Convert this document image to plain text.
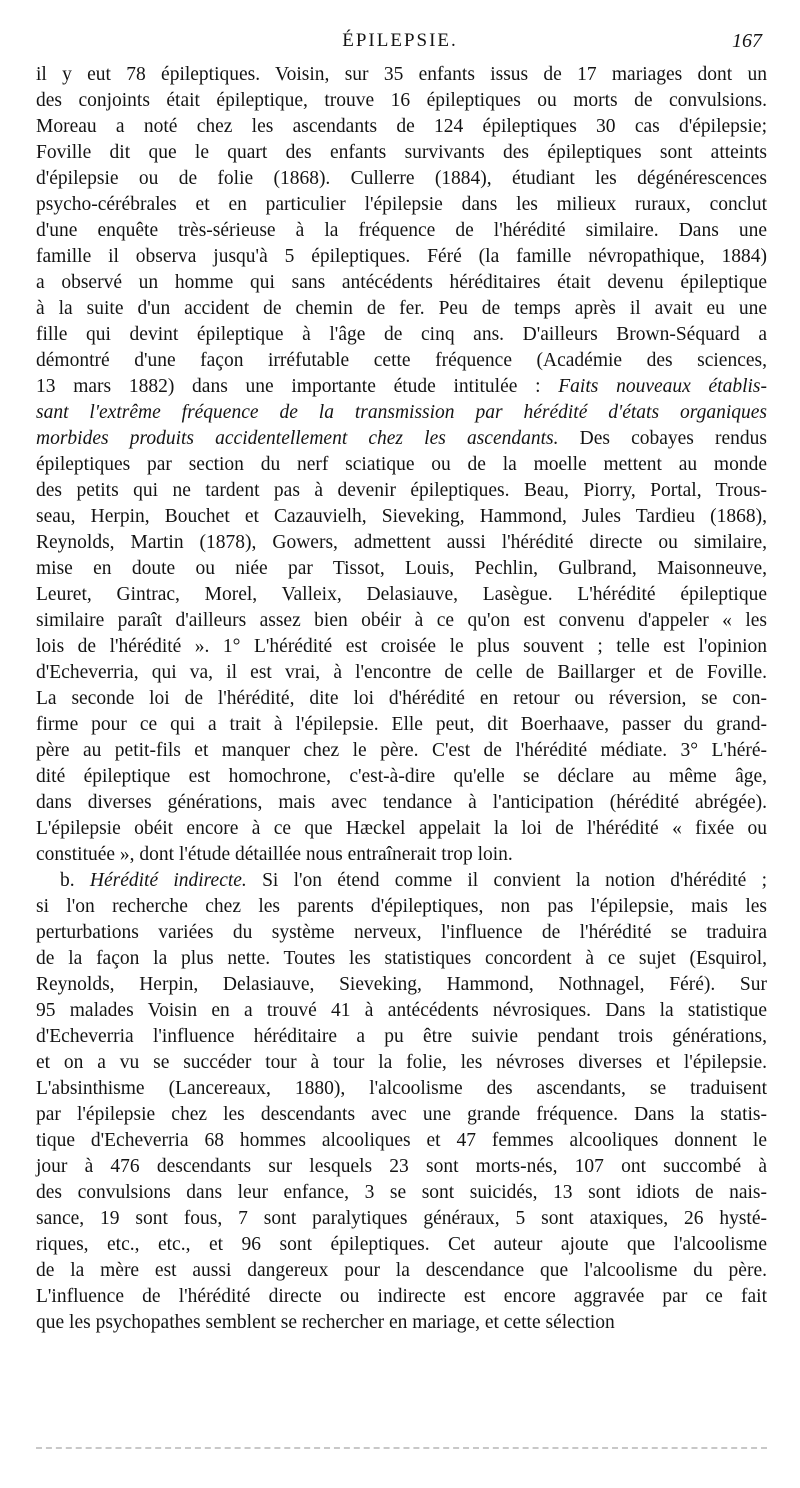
ÉPILEPSIE.	167
il y eut 78 épileptiques. Voisin, sur 35 enfants issus de 17 mariages dont un
des conjoints était épileptique, trouve 16 épileptiques ou morts de convulsions.
Moreau a noté chez les ascendants de 124 épileptiques 30 cas d'épilepsie;
Foville dit que le quart des enfants survivants des épileptiques sont atteints
d'épilepsie ou de folie (1868). Cullerre (1884), étudiant les dégénérescences
psycho-cérébrales et en particulier l'épilepsie dans les milieux ruraux, conclut
d'une enquête très-sérieuse à la fréquence de l'hérédité similaire. Dans une
famille il observa jusqu'à 5 épileptiques. Féré (la famille névropathique, 1884)
a observé un homme qui sans antécédents héréditaires était devenu épileptique
à la suite d'un accident de chemin de fer. Peu de temps après il avait eu une
fille qui devint épileptique à l'âge de cinq ans. D'ailleurs Brown-Séquard a
démontré d'une façon irréfutable cette fréquence (Académie des sciences,
13 mars 1882) dans une importante étude intitulée : Faits nouveaux établis-
sant l'extrême fréquence de la transmission par hérédité d'états organiques
morbides produits accidentellement chez les ascendants. Des cobayes rendus
épileptiques par section du nerf sciatique ou de la moelle mettent au monde
des petits qui ne tardent pas à devenir épileptiques. Beau, Piorry, Portal, Trous-
seau, Herpin, Bouchet et Cazauvielh, Sieveking, Hammond, Jules Tardieu (1868),
Reynolds, Martin (1878), Gowers, admettent aussi l'hérédité directe ou similaire,
mise en doute ou niée par Tissot, Louis, Pechlin, Gulbrand, Maisonneuve,
Leuret, Gintrac, Morel, Valleix, Delasiauve, Lasègue. L'hérédité épileptique
similaire paraît d'ailleurs assez bien obéir à ce qu'on est convenu d'appeler « les
lois de l'hérédité ». 1° L'hérédité est croisée le plus souvent ; telle est l'opinion
d'Echeverria, qui va, il est vrai, à l'encontre de celle de Baillarger et de Foville.
La seconde loi de l'hérédité, dite loi d'hérédité en retour ou réversion, se con-
firme pour ce qui a trait à l'épilepsie. Elle peut, dit Boerhaave, passer du grand-
père au petit-fils et manquer chez le père. C'est de l'hérédité médiate. 3° L'héré-
dité épileptique est homochrone, c'est-à-dire qu'elle se déclare au même âge,
dans diverses générations, mais avec tendance à l'anticipation (hérédité abrégée).
L'épilepsie obéit encore à ce que Hæckel appelait la loi de l'hérédité « fixée ou
constituée », dont l'étude détaillée nous entraînerait trop loin.
b. Hérédité indirecte. Si l'on étend comme il convient la notion d'hérédité ;
si l'on recherche chez les parents d'épileptiques, non pas l'épilepsie, mais les
perturbations variées du système nerveux, l'influence de l'hérédité se traduira
de la façon la plus nette. Toutes les statistiques concordent à ce sujet (Esquirol,
Reynolds, Herpin, Delasiauve, Sieveking, Hammond, Nothnagel, Féré). Sur
95 malades Voisin en a trouvé 41 à antécédents névrosiques. Dans la statistique
d'Echeverria l'influence héréditaire a pu être suivie pendant trois générations,
et on a vu se succéder tour à tour la folie, les névroses diverses et l'épilepsie.
L'absinthisme (Lancereaux, 1880), l'alcoolisme des ascendants, se traduisent
par l'épilepsie chez les descendants avec une grande fréquence. Dans la statis-
tique d'Echeverria 68 hommes alcooliques et 47 femmes alcooliques donnent le
jour à 476 descendants sur lesquels 23 sont morts-nés, 107 ont succombé à
des convulsions dans leur enfance, 3 se sont suicidés, 13 sont idiots de nais-
sance, 19 sont fous, 7 sont paralytiques généraux, 5 sont ataxiques, 26 hysté-
riques, etc., etc., et 96 sont épileptiques. Cet auteur ajoute que l'alcoolisme
de la mère est aussi dangereux pour la descendance que l'alcoolisme du père.
L'influence de l'hérédité directe ou indirecte est encore aggravée par ce fait
que les psychopathes semblent se rechercher en mariage, et cette sélection
